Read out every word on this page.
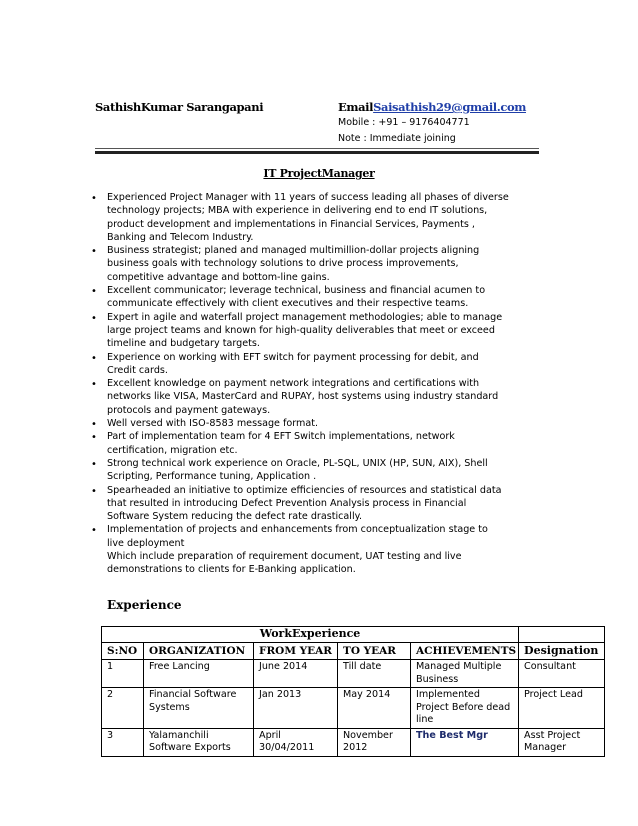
SathishKumar Sarangapani	EmailSaisathish29@gmail.com
Mobile : +91 – 9176404771
Note : Immediate joining
IT ProjectManager
• Experienced Project Manager with 11 years of success leading all phases of diverse
technology projects; MBA with experience in delivering end to end IT solutions,
product development and implementations in Financial Services, Payments ,
Banking and Telecom Industry.
• Business strategist; planed and managed multimillion-dollar projects aligning
business goals with technology solutions to drive process improvements,
competitive advantage and bottom-line gains.
• Excellent communicator; leverage technical, business and financial acumen to
communicate effectively with client executives and their respective teams.
• Expert in agile and waterfall project management methodologies; able to manage
large project teams and known for high-quality deliverables that meet or exceed
timeline and budgetary targets.
• Experience on working with EFT switch for payment processing for debit, and
Credit cards.
• Excellent knowledge on payment network integrations and certifications with
networks like VISA, MasterCard and RUPAY, host systems using industry standard
protocols and payment gateways.
• Well versed with ISO-8583 message format.
• Part of implementation team for 4 EFT Switch implementations, network
certification, migration etc.
• Strong technical work experience on Oracle, PL-SQL, UNIX (HP, SUN, AIX), Shell
Scripting, Performance tuning, Application .
• Spearheaded an initiative to optimize efficiencies of resources and statistical data
that resulted in introducing Defect Prevention Analysis process in Financial
Software System reducing the defect rate drastically.
• Implementation of projects and enhancements from conceptualization stage to
live deployment
Which include preparation of requirement document, UAT testing and live
demonstrations to clients for E-Banking application.
Experience
WorkExperience					
S:NO	ORGANIZATION	FROM YEAR	TO YEAR	ACHIEVEMENTS	Designation
1	Free Lancing	June 2014	Till date	Managed Multiple Business	Consultant
2	Financial Software Systems	Jan 2013	May 2014	Implemented Project Before dead line	Project Lead
3	Yalamanchili Software Exports	April 30/04/2011	November 2012	The Best Mgr	Asst Project Manager
